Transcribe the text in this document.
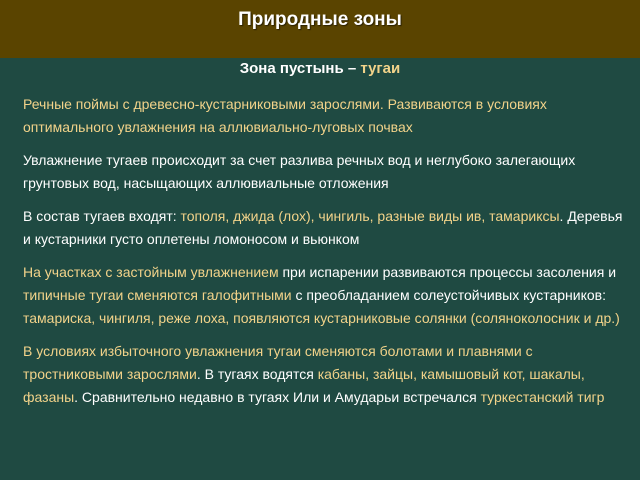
Природные зоны
Зона пустынь – тугаи

Речные поймы с древесно-кустарниковыми зарослями. Развиваются в условиях оптимального увлажнения на аллювиально-луговых почвах

Увлажнение тугаев происходит за счет разлива речных вод и неглубоко залегающих грунтовых вод, насыщающих аллювиальные отложения

В состав тугаев входят: тополя, джида (лох), чингиль, разные виды ив, тамариксы. Деревья и кустарники густо оплетены ломоносом и вьюнком

На участках с застойным увлажнением при испарении развиваются процессы засоления и типичные тугаи сменяются галофитными с преобладанием солеустойчивых кустарников: тамариска, чингиля, реже лоха, появляются кустарниковые солянки (соляноколосник и др.)

В условиях избыточного увлажнения тугаи сменяются болотами и плавнями с тростниковыми зарослями. В тугаях водятся кабаны, зайцы, камышовый кот, шакалы, фазаны. Сравнительно недавно в тугаях Или и Амударьи встречался туркестанский тигр
